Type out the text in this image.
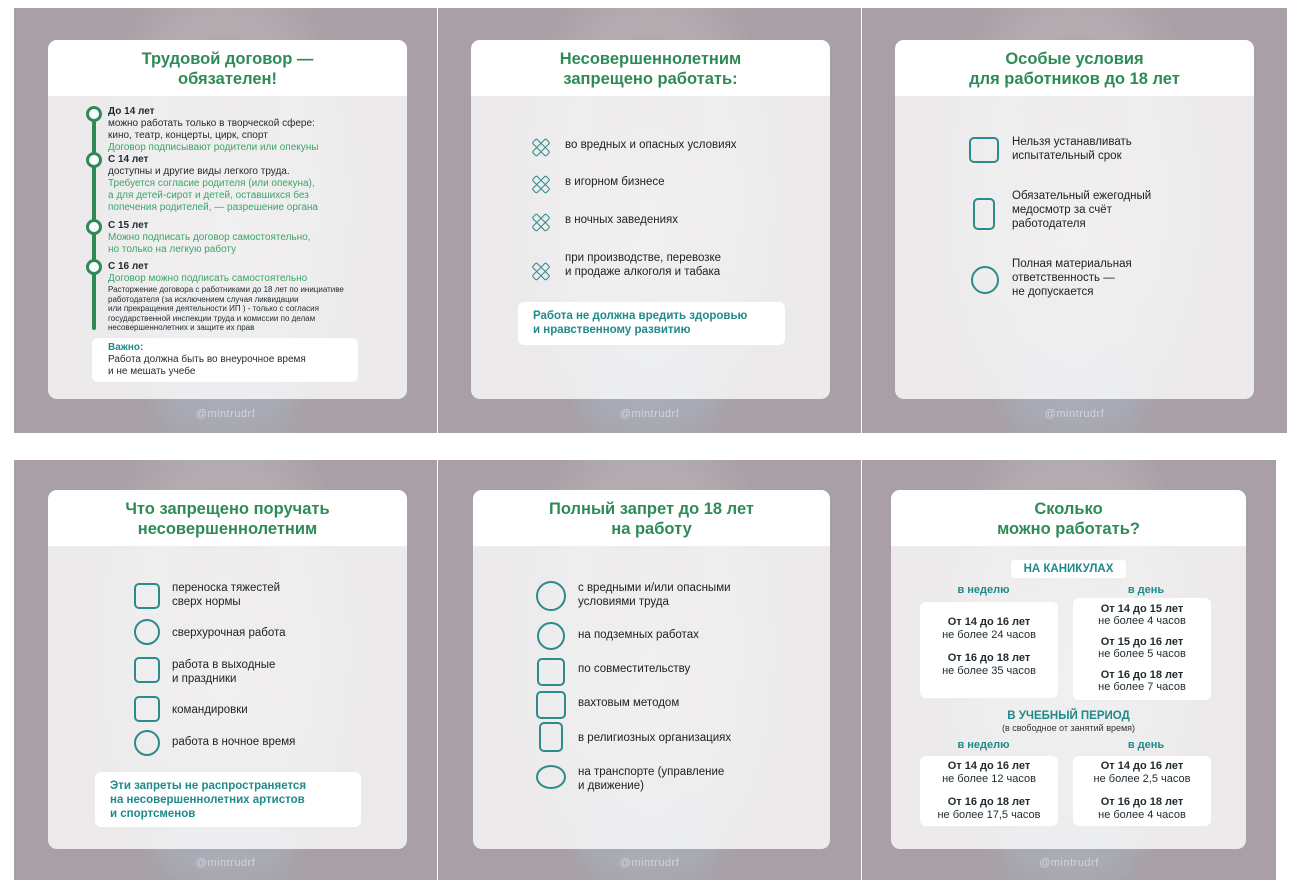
Трудовой договор —
обязателен!
До 14 лет
можно работать только в творческой сфере:
кино, театр, концерты, цирк, спорт
Договор подписывают родители или опекуны
С 14 лет
доступны и другие виды легкого труда.
Требуется согласие родителя (или опекуна),
а для детей-сирот и детей, оставшихся без
попечения родителей, — разрешение органа
С 15 лет
Можно подписать договор самостоятельно,
но только на легкую работу
С 16 лет
Договор можно подписать самостоятельно
Расторжение договора с работниками до 18 лет по инициативе
работодателя (за исключением случая ликвидации
или прекращения деятельности ИП ) - только с согласия
государственной инспекции труда и комиссии по делам
несовершеннолетних и защите их прав
Важно:
Работа должна быть во внеурочное время
и не мешать учебе
@mintrudrf
Несовершеннолетним
запрещено работать:
во вредных и опасных условиях
в игорном бизнесе
в ночных заведениях
при производстве, перевозке
и продаже алкоголя и табака
Работа не должна вредить здоровью
и нравственному развитию
@mintrudrf
Особые условия
для работников до 18 лет
Нельзя устанавливать
испытательный срок
Обязательный ежегодный
медосмотр за счёт
работодателя
Полная материальная
ответственность —
не допускается
@mintrudrf
Что запрещено поручать
несовершеннолетним
переноска тяжестей
сверх нормы
сверхурочная работа
работа в выходные
и праздники
командировки
работа в ночное время
Эти запреты не распространяется
на несовершеннолетних артистов
и спортсменов
@mintrudrf
Полный запрет до 18 лет
на работу
с вредными и/или опасными
условиями труда
на подземных работах
по совместительству
вахтовым методом
в религиозных организациях
на транспорте (управление
и движение)
@mintrudrf
Сколько
можно работать?
НА КАНИКУЛАХ
в неделю	в день
От 14 до 16 лет
не более 24 часов
От 16 до 18 лет
не более 35 часов
От 14 до 15 лет
не более 4 часов
От 15 до 16 лет
не более 5 часов
От 16 до 18 лет
не более 7 часов
В УЧЕБНЫЙ ПЕРИОД
(в свободное от занятий время)
в неделю	в день
От 14 до 16 лет
не более 12 часов
От 16 до 18 лет
не более 17,5 часов
От 14 до 16 лет
не более 2,5 часов
От 16 до 18 лет
не более 4 часов
@mintrudrf
